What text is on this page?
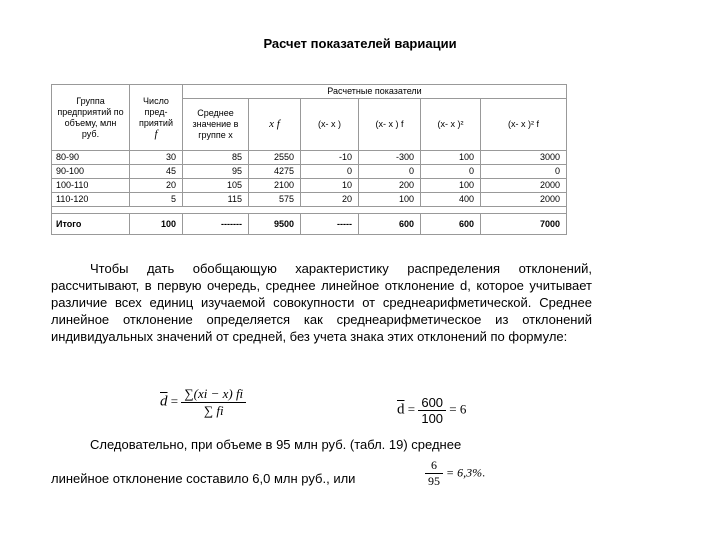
Расчет показателей вариации
Группа предприятий по объему, млн руб.	Число пред-приятий
f	Расчетные показатели					
		Среднее значение в группе х	x f	(x- x )	(x- x ) f	(x- x )²	(x- x )² f
80-90	30	85	2550	-10	-300	100	3000
90-100	45	95	4275	0	0	0	0
100-110	20	105	2100	10	200	100	2000
110-120	5	115	575	20	100	400	2000

Итого	100	-------	9500	-----	600	600	7000
Чтобы дать обобщающую характеристику распределения отклонений, рассчитывают, в первую очередь, среднее линейное отклонение d, которое учитывает различие всех единиц изучаемой совокупности от среднеарифметической. Среднее линейное отклонение определяется как среднеарифметическое из отклонений индивидуальных значений от средней, без учета знака этих отклонений по формуле:
$\overline{d} = \frac{\sum(xi - x) fi}{\sum fi}$	$\overline{d} = \frac{600}{100} = 6$
Следовательно, при объеме в 95 млн руб. (табл. 19) среднее
линейное отклонение составило 6,0 млн руб., или	$\frac{6}{95} = 6,3\%$.
